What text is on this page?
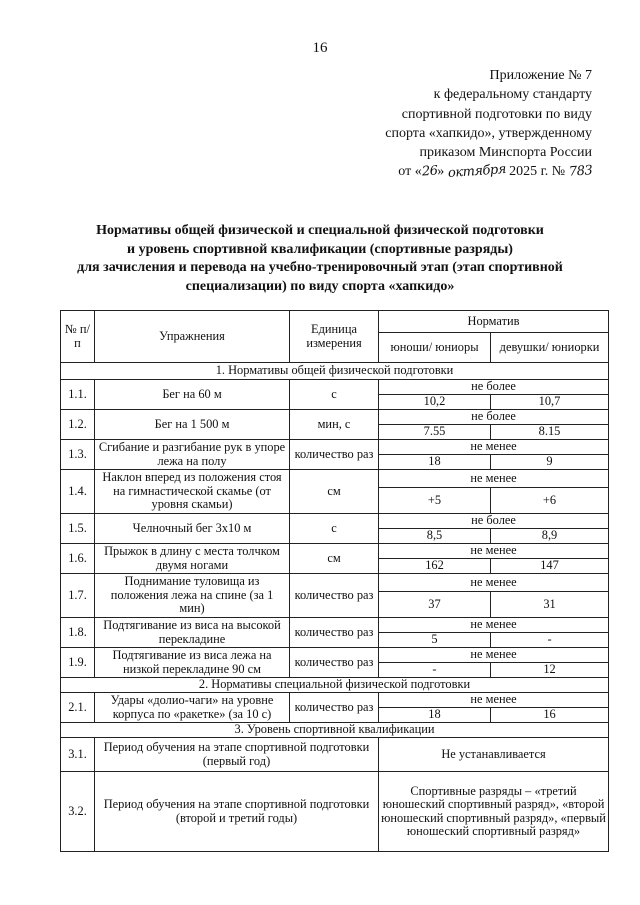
16
Приложение № 7
к федеральному стандарту
спортивной подготовки по виду
спорта «хапкидо», утвержденному
приказом Минспорта России
от «26» октября 2025 г. № 783
Нормативы общей физической и специальной физической подготовки
и уровень спортивной квалификации (спортивные разряды)
для зачисления и перевода на учебно-тренировочный этап (этап спортивной
специализации) по виду спорта «хапкидо»
№ п/п	Упражнения	Единица измерения	Норматив	
			юноши/ юниоры	девушки/ юниорки
1. Нормативы общей физической подготовки				
1.1.	Бег на 60 м	с	не более	
			10,2	10,7
1.2.	Бег на 1 500 м	мин, с	не более	
			7.55	8.15
1.3.	Сгибание и разгибание рук в упоре лежа на полу	количество раз	не менее	
			18	9
1.4.	Наклон вперед из положения стоя на гимнастической скамье (от уровня скамьи)	см	не менее	
			+5	+6
1.5.	Челночный бег 3х10 м	с	не более	
			8,5	8,9
1.6.	Прыжок в длину с места толчком двумя ногами	см	не менее	
			162	147
1.7.	Поднимание туловища из положения лежа на спине (за 1 мин)	количество раз	не менее	
			37	31
1.8.	Подтягивание из виса на высокой перекладине	количество раз	не менее	
			5	-
1.9.	Подтягивание из виса лежа на низкой перекладине 90 см	количество раз	не менее	
			-	12
2. Нормативы специальной физической подготовки				
2.1.	Удары «долио-чаги» на уровне корпуса по «ракетке» (за 10 с)	количество раз	не менее	
			18	16
3. Уровень спортивной квалификации				
3.1.	Период обучения на этапе спортивной подготовки (первый год)		Не устанавливается	
3.2.	Период обучения на этапе спортивной подготовки (второй и третий годы)		Спортивные разряды – «третий юношеский спортивный разряд», «второй юношеский спортивный разряд», «первый юношеский спортивный разряд»	
